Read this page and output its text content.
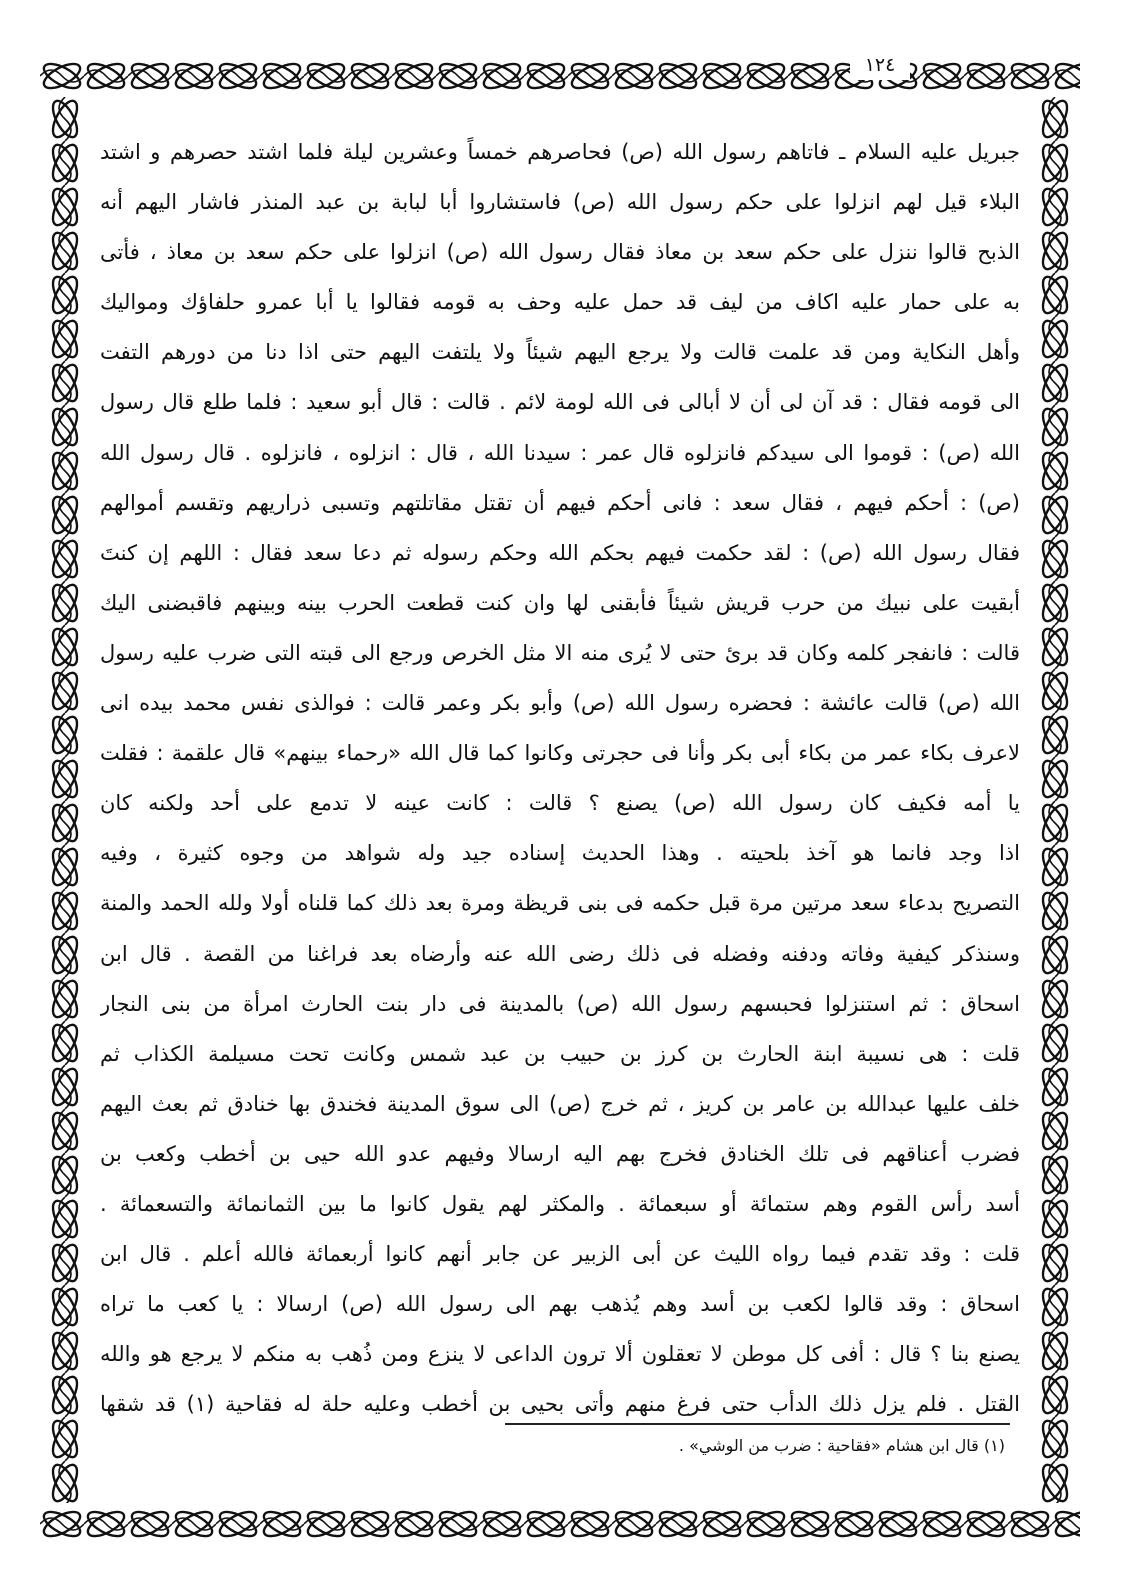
١٢٤
جبريل عليه السلام ـ فاتاهم رسول الله (ص) فحاصرهم خمساً وعشرين ليلة فلما اشتد حصرهم و اشتد
البلاء قيل لهم انزلوا على حكم رسول الله (ص) فاستشاروا أبا لبابة بن عبد المنذر فاشار اليهم أنه
الذبح قالوا ننزل على حكم سعد بن معاذ فقال رسول الله (ص) انزلوا على حكم سعد بن معاذ ، فأتى
به على حمار عليه اكاف من ليف قد حمل عليه وحف به قومه فقالوا يا أبا عمرو حلفاؤك ومواليك
وأهل النكاية ومن قد علمت قالت ولا يرجع اليهم شيئاً ولا يلتفت اليهم حتى اذا دنا من دورهم التفت
الى قومه فقال : قد آن لى أن لا أبالى فى الله لومة لائم . قالت : قال أبو سعيد : فلما طلع قال رسول
الله (ص) : قوموا الى سيدكم فانزلوه قال عمر : سيدنا الله ، قال : انزلوه ، فانزلوه . قال رسول الله
(ص) : أحكم فيهم ، فقال سعد : فانى أحكم فيهم أن تقتل مقاتلتهم وتسبى ذراريهم وتقسم أموالهم
فقال رسول الله (ص) : لقد حكمت فيهم بحكم الله وحكم رسوله ثم دعا سعد فقال : اللهم إن كنتَ
أبقيت على نبيك من حرب قريش شيئاً فأبقنى لها وان كنت قطعت الحرب بينه وبينهم فاقبضنى اليك
قالت : فانفجر كلمه وكان قد برئ حتى لا يُرى منه الا مثل الخرص ورجع الى قبته التى ضرب عليه رسول
الله (ص) قالت عائشة : فحضره رسول الله (ص) وأبو بكر وعمر قالت : فوالذى نفس محمد بيده انى
لاعرف بكاء عمر من بكاء أبى بكر وأنا فى حجرتى وكانوا كما قال الله «رحماء بينهم» قال علقمة : فقلت
يا أمه فكيف كان رسول الله (ص) يصنع ؟ قالت : كانت عينه لا تدمع على أحد ولكنه كان
اذا وجد فانما هو آخذ بلحيته . وهذا الحديث إسناده جيد وله شواهد من وجوه كثيرة ، وفيه
التصريح بدعاء سعد مرتين مرة قبل حكمه فى بنى قريظة ومرة بعد ذلك كما قلناه أولا ولله الحمد والمنة
وسنذكر كيفية وفاته ودفنه وفضله فى ذلك رضى الله عنه وأرضاه بعد فراغنا من القصة . قال ابن
اسحاق : ثم استنزلوا فحبسهم رسول الله (ص) بالمدينة فى دار بنت الحارث امرأة من بنى النجار
قلت : هى نسيبة ابنة الحارث بن كرز بن حبيب بن عبد شمس وكانت تحت مسيلمة الكذاب ثم
خلف عليها عبدالله بن عامر بن كريز ، ثم خرج (ص) الى سوق المدينة فخندق بها خنادق ثم بعث اليهم
فضرب أعناقهم فى تلك الخنادق فخرج بهم اليه ارسالا وفيهم عدو الله حيى بن أخطب وكعب بن
أسد رأس القوم وهم ستمائة أو سبعمائة . والمكثر لهم يقول كانوا ما بين الثمانمائة والتسعمائة .
قلت : وقد تقدم فيما رواه الليث عن أبى الزبير عن جابر أنهم كانوا أربعمائة فالله أعلم . قال ابن
اسحاق : وقد قالوا لكعب بن أسد وهم يُذهب بهم الى رسول الله (ص) ارسالا : يا كعب ما تراه
يصنع بنا ؟ قال : أفى كل موطن لا تعقلون ألا ترون الداعى لا ينزع ومن ذُهب به منكم لا يرجع هو والله
القتل . فلم يزل ذلك الدأب حتى فرغ منهم وأتى بحيى بن أخطب وعليه حلة له فقاحية (١) قد شقها
(١) قال ابن هشام «فقاحية : ضرب من الوشي» .
